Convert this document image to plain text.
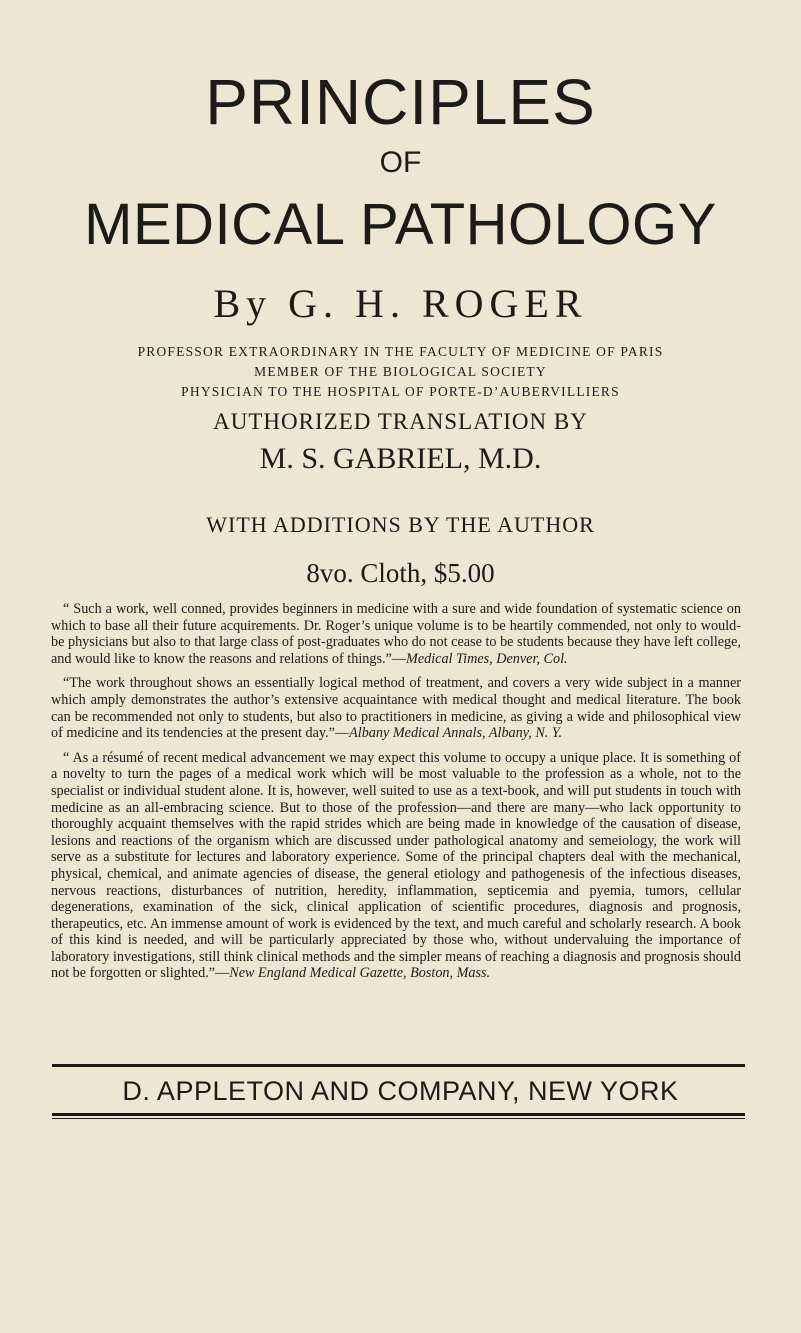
PRINCIPLES
OF
MEDICAL PATHOLOGY
By G. H. ROGER
PROFESSOR EXTRAORDINARY IN THE FACULTY OF MEDICINE OF PARIS
MEMBER OF THE BIOLOGICAL SOCIETY
PHYSICIAN TO THE HOSPITAL OF PORTE-D’AUBERVILLIERS
AUTHORIZED TRANSLATION BY
M. S. GABRIEL, M.D.
WITH ADDITIONS BY THE AUTHOR
8vo. Cloth, $5.00

“ Such a work, well conned, provides beginners in medicine with a sure and wide foundation of systematic science on which to base all their future acquirements. Dr. Roger’s unique volume is to be heartily commended, not only to would-be physicians but also to that large class of post-graduates who do not cease to be students because they have left college, and would like to know the reasons and relations of things.”—Medical Times, Denver, Col.

“The work throughout shows an essentially logical method of treatment, and covers a very wide subject in a manner which amply demonstrates the author’s extensive acquaintance with medical thought and medical literature. The book can be recommended not only to students, but also to practitioners in medicine, as giving a wide and philosophical view of medicine and its tendencies at the present day.”—Albany Medical Annals, Albany, N. Y.

“ As a résumé of recent medical advancement we may expect this volume to occupy a unique place. It is something of a novelty to turn the pages of a medical work which will be most valuable to the profession as a whole, not to the specialist or individual student alone. It is, however, well suited to use as a text-book, and will put students in touch with medicine as an all-embracing science. But to those of the profession—and there are many—who lack opportunity to thoroughly acquaint themselves with the rapid strides which are being made in knowledge of the causation of disease, lesions and reactions of the organism which are discussed under pathological anatomy and semeiology, the work will serve as a substitute for lectures and laboratory experience. Some of the principal chapters deal with the mechanical, physical, chemical, and animate agencies of disease, the general etiology and pathogenesis of the infectious diseases, nervous reactions, disturbances of nutrition, heredity, inflammation, septicemia and pyemia, tumors, cellular degenerations, examination of the sick, clinical application of scientific procedures, diagnosis and prognosis, therapeutics, etc. An immense amount of work is evidenced by the text, and much careful and scholarly research. A book of this kind is needed, and will be particularly appreciated by those who, without undervaluing the importance of laboratory investigations, still think clinical methods and the simpler means of reaching a diagnosis and prognosis should not be forgotten or slighted.”—New England Medical Gazette, Boston, Mass.

D. APPLETON AND COMPANY, NEW YORK
